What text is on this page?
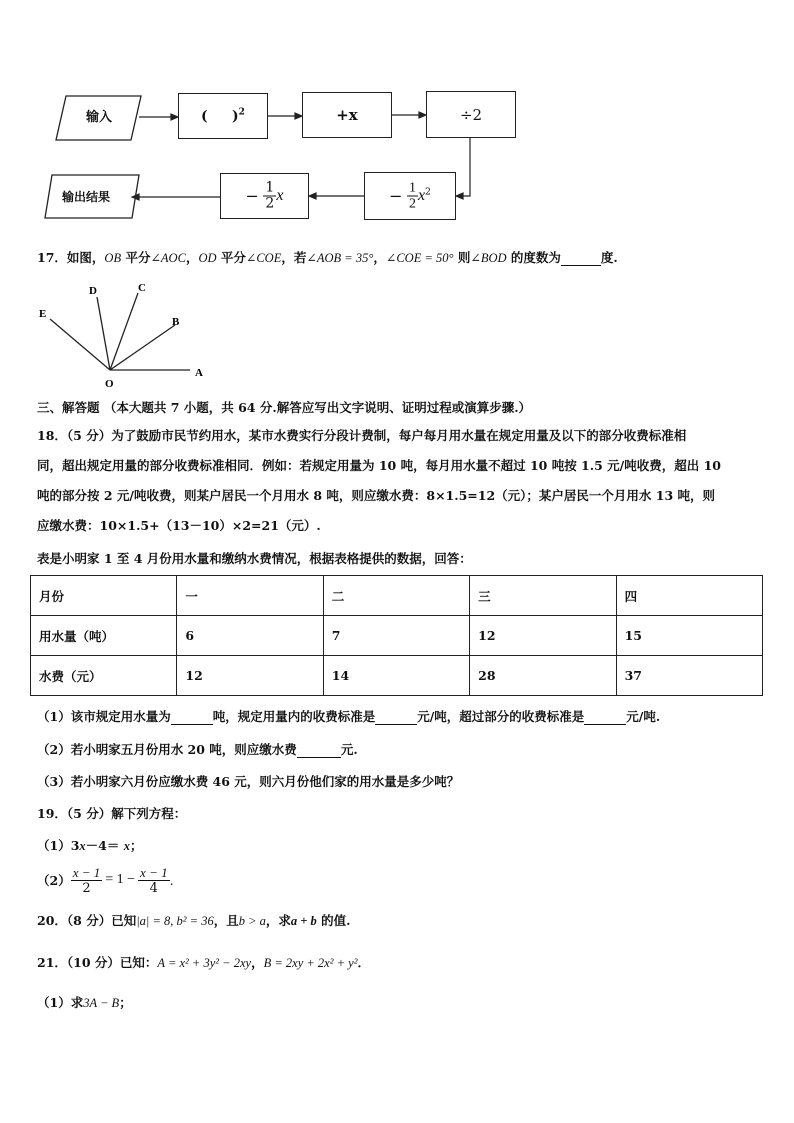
输入
输出结果
(     )$^2$	+x	÷2
− $\frac{1}{2} x^2$
− $\frac{1}{2}$ x
17．如图，OB 平分∠AOC，OD 平分∠COE，若∠AOB = 35°，∠COE = 50° 则∠BOD 的度数为	度.
A
B
C
D
E
O
三、解答题 （本大题共 7 小题，共 64 分.解答应写出文字说明、证明过程或演算步骤.）
18．（5 分）为了鼓励市民节约用水，某市水费实行分段计费制，每户每月用水量在规定用量及以下的部分收费标准相
同，超出规定用量的部分收费标准相同．例如：若规定用量为 10 吨，每月用水量不超过 10 吨按 1.5 元/吨收费，超出 10
吨的部分按 2 元/吨收费，则某户居民一个月用水 8 吨，则应缴水费：8×1.5=12（元）；某户居民一个月用水 13 吨，则
应缴水费：10×1.5+（13－10）×2=21（元）.
表是小明家 1 至 4 月份用水量和缴纳水费情况，根据表格提供的数据，回答：
月份	一	二	三	四
用水量（吨）	6	7	12	15
水费（元）	12	14	28	37
（1）该市规定用水量为	吨，规定用量内的收费标准是	元/吨，超过部分的收费标准是	元/吨.
（2）若小明家五月份用水 20 吨，则应缴水费	元.
（3）若小明家六月份应缴水费 46 元，则六月份他们家的用水量是多少吨？
19．（5 分）解下列方程：
（1）3x－4＝ x；
$(2) \frac{x - 1}{2} = 1 - \frac{x - 1}{4}$ .
20．（8 分）已知|a| = 8, b² = 36，且b > a，求a + b 的值.
21．（10 分）已知：A = x² + 3y² − 2xy，B = 2xy + 2x² + y²．
（1）求3A − B；
